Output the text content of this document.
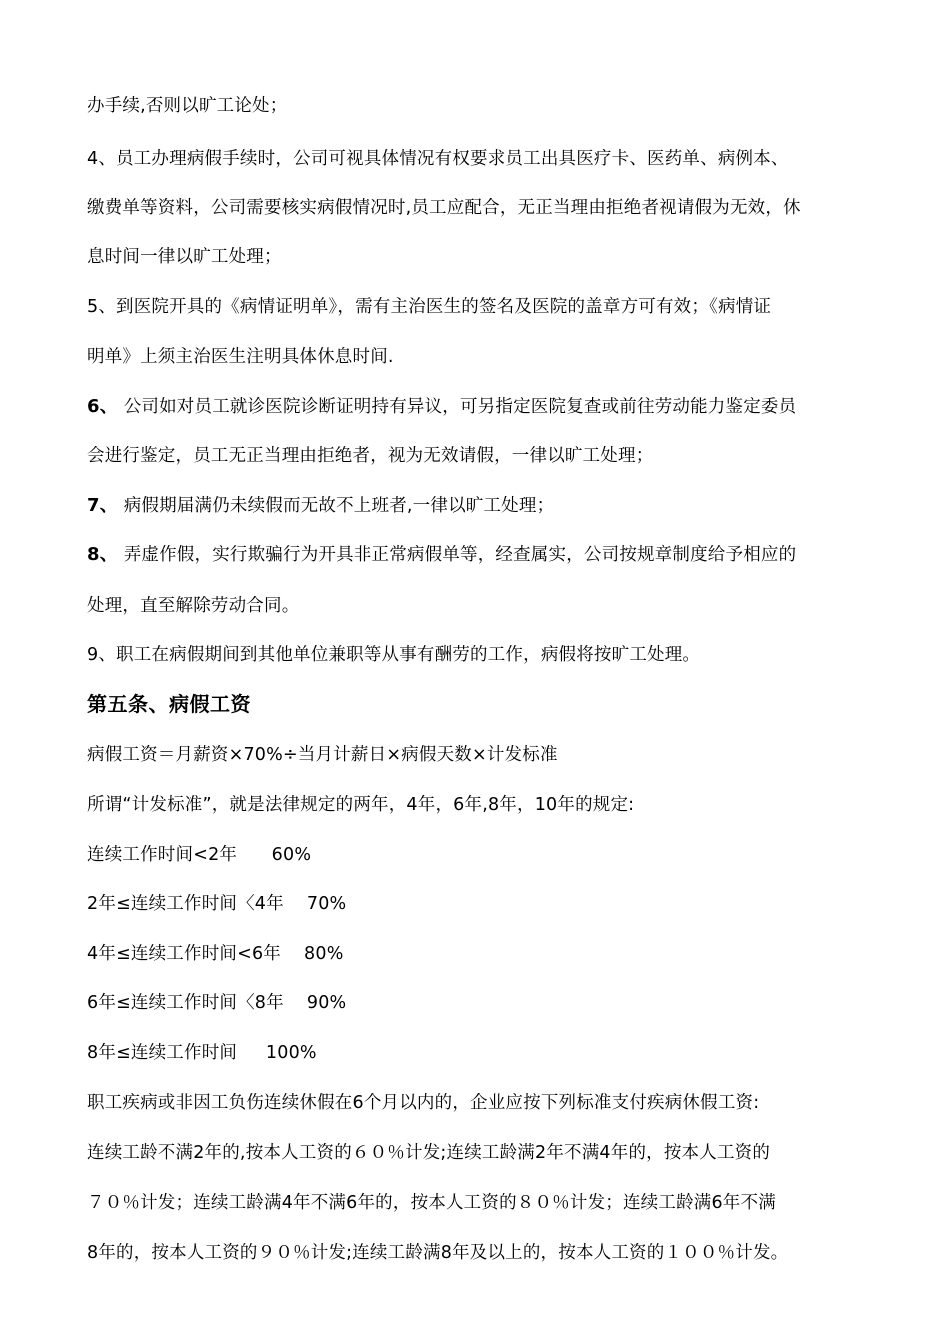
办手续,否则以旷工论处；
4、员工办理病假手续时，公司可视具体情况有权要求员工出具医疗卡、医药单、病例本、
缴费单等资料，公司需要核实病假情况时,员工应配合，无正当理由拒绝者视请假为无效，休
息时间一律以旷工处理；
5、到医院开具的《病情证明单》，需有主治医生的签名及医院的盖章方可有效；《病情证
明单》上须主治医生注明具体休息时间.
6、 公司如对员工就诊医院诊断证明持有异议，可另指定医院复查或前往劳动能力鉴定委员
会进行鉴定，员工无正当理由拒绝者，视为无效请假，一律以旷工处理；
7、 病假期届满仍未续假而无故不上班者,一律以旷工处理；
8、 弄虚作假，实行欺骗行为开具非正常病假单等，经查属实，公司按规章制度给予相应的
处理，直至解除劳动合同。
9、职工在病假期间到其他单位兼职等从事有酬劳的工作，病假将按旷工处理。
第五条、病假工资
病假工资＝月薪资×70%÷当月计薪日×病假天数×计发标准
所谓“计发标准”，就是法律规定的两年，4年，6年,8年，10年的规定:
连续工作时间<2年      60%
2年≤连续工作时间〈4年    70%
4年≤连续工作时间<6年    80%
6年≤连续工作时间〈8年    90%
8年≤连续工作时间     100%
职工疾病或非因工负伤连续休假在6个月以内的，企业应按下列标准支付疾病休假工资:
连续工龄不满2年的,按本人工资的６０％计发;连续工龄满2年不满4年的，按本人工资的
７０％计发；连续工龄满4年不满6年的，按本人工资的８０％计发；连续工龄满6年不满
8年的，按本人工资的９０％计发;连续工龄满8年及以上的，按本人工资的１００％计发。
